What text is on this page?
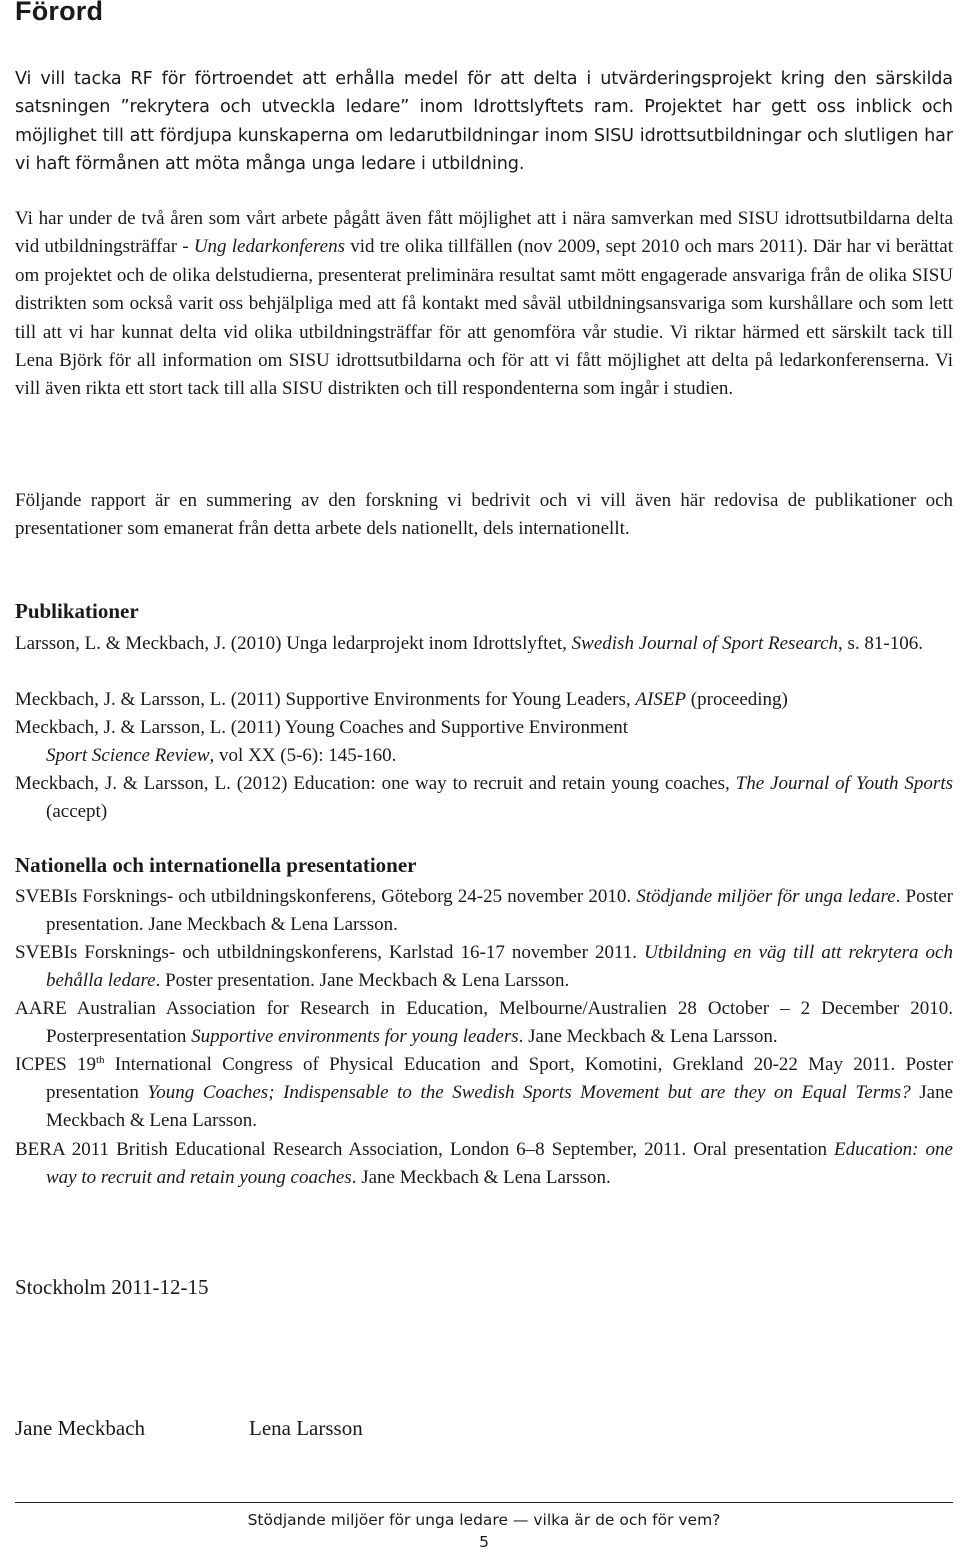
Förord

Vi vill tacka RF för förtroendet att erhålla medel för att delta i utvärderingsprojekt kring den särskilda satsningen ”rekrytera och utveckla ledare” inom Idrottslyftets ram. Projektet har gett oss inblick och möjlighet till att fördjupa kunskaperna om ledarutbildningar inom SISU idrottsutbildningar och slutligen har vi haft förmånen att möta många unga ledare i utbildning.

Vi har under de två åren som vårt arbete pågått även fått möjlighet att i nära samverkan med SISU idrottsutbildarna delta vid utbildningsträffar - Ung ledarkonferens vid tre olika tillfällen (nov 2009, sept 2010 och mars 2011). Där har vi berättat om projektet och de olika delstudierna, presenterat preliminära resultat samt mött engagerade ansvariga från de olika SISU distrikten som också varit oss behjälpliga med att få kontakt med såväl utbildningsansvariga som kurshållare och som lett till att vi har kunnat delta vid olika utbildningsträffar för att genomföra vår studie. Vi riktar härmed ett särskilt tack till Lena Björk för all information om SISU idrottsutbildarna och för att vi fått möjlighet att delta på ledarkonferenserna. Vi vill även rikta ett stort tack till alla SISU distrikten och till respondenterna som ingår i studien.

Följande rapport är en summering av den forskning vi bedrivit och vi vill även här redovisa de publikationer och presentationer som emanerat från detta arbete dels nationellt, dels internationellt.

Publikationer

Larsson, L. & Meckbach, J. (2010) Unga ledarprojekt inom Idrottslyftet, Swedish Journal of Sport Research, s. 81-106.

Meckbach, J. & Larsson, L. (2011) Supportive Environments for Young Leaders, AISEP (proceeding)

Meckbach, J. & Larsson, L. (2011) Young Coaches and Supportive Environment
Sport Science Review, vol XX (5-6): 145-160.

Meckbach, J. & Larsson, L. (2012) Education: one way to recruit and retain young coaches, The Journal of Youth Sports (accept)

Nationella och internationella presentationer

SVEBIs Forsknings- och utbildningskonferens, Göteborg 24-25 november 2010. Stödjande miljöer för unga ledare. Poster presentation. Jane Meckbach & Lena Larsson.

SVEBIs Forsknings- och utbildningskonferens, Karlstad 16-17 november 2011. Utbildning en väg till att rekrytera och behålla ledare. Poster presentation. Jane Meckbach & Lena Larsson.

AARE Australian Association for Research in Education, Melbourne/Australien 28 October – 2 December 2010. Posterpresentation Supportive environments for young leaders. Jane Meckbach & Lena Larsson.

ICPES 19th International Congress of Physical Education and Sport, Komotini, Grekland 20-22 May 2011. Poster presentation Young Coaches; Indispensable to the Swedish Sports Movement but are they on Equal Terms? Jane Meckbach & Lena Larsson.

BERA 2011 British Educational Research Association, London 6–8 September, 2011. Oral presentation Education: one way to recruit and retain young coaches. Jane Meckbach & Lena Larsson.

Stockholm 2011-12-15
Jane Meckbach	Lena Larsson
Stödjande miljöer för unga ledare — vilka är de och för vem?
5
